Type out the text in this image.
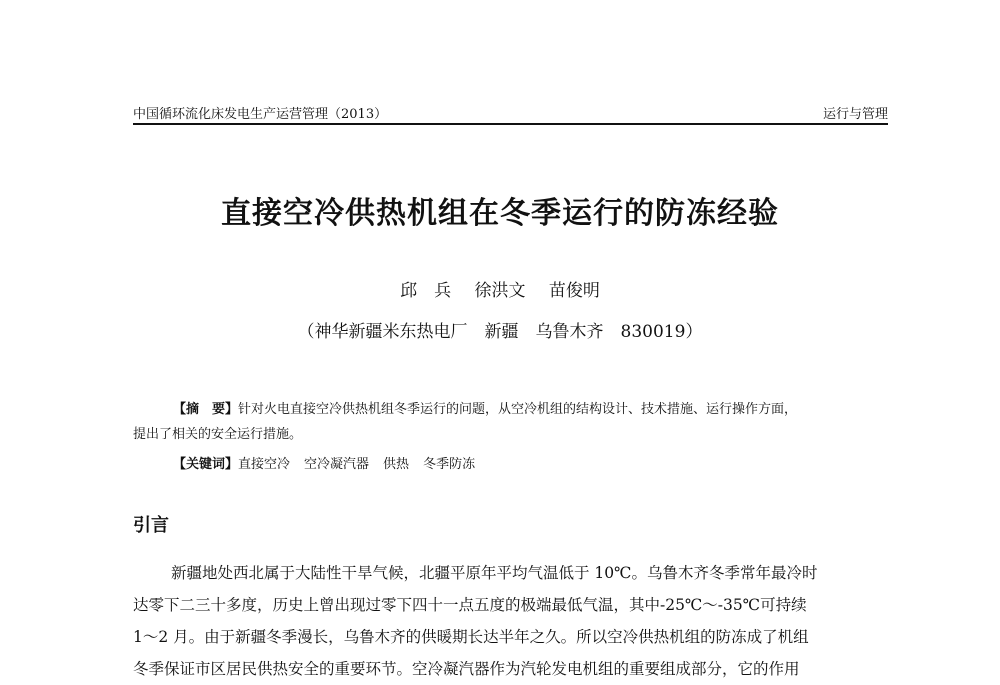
中国循环流化床发电生产运营管理（2013）	运行与管理
直接空冷供热机组在冬季运行的防冻经验
邱　兵 徐洪文 苗俊明
（神华新疆米东热电厂　新疆　乌鲁木齐　830019）

【摘　要】针对火电直接空冷供热机组冬季运行的问题，从空冷机组的结构设计、技术措施、运行操作方面，

提出了相关的安全运行措施。

【关键词】直接空冷 空冷凝汽器 供热 冬季防冻
引言
新疆地处西北属于大陆性干旱气候，北疆平原年平均气温低于 10℃。乌鲁木齐冬季常年最冷时
达零下二三十多度，历史上曾出现过零下四十一点五度的极端最低气温，其中-25℃～-35℃可持续
1～2 月。由于新疆冬季漫长，乌鲁木齐的供暖期长达半年之久。所以空冷供热机组的防冻成了机组
冬季保证市区居民供热安全的重要环节。空冷凝汽器作为汽轮发电机组的重要组成部分，它的作用
